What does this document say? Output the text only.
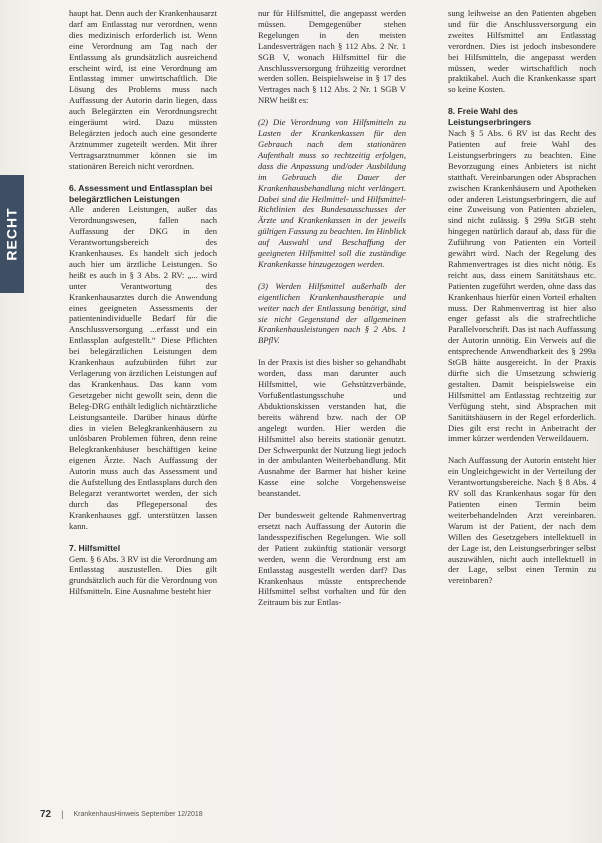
RECHT

haupt hat. Denn auch der Krankenhausarzt darf am Entlasstag nur verordnen, wenn dies medizinisch erforderlich ist. Wenn eine Verordnung am Tag nach der Entlassung als grundsätzlich ausreichend erscheint wird, ist eine Verordnung am Entlasstag immer unwirtschaftlich. Die Lösung des Problems muss nach Auffassung der Autorin darin liegen, dass auch Belegärzten ein Verordnungsrecht eingeräumt wird. Dazu müssten Belegärzten jedoch auch eine gesonderte Arztnummer zugeteilt werden. Mit ihrer Vertragsarztnummer können sie im stationären Bereich nicht verordnen.

6. Assessment und Entlassplan bei belegärztlichen Leistungen

Alle anderen Leistungen, außer das Verordnungswesen, fallen nach Auffassung der DKG in den Verantwortungsbereich des Krankenhauses. Es handelt sich jedoch auch hier um ärztliche Leistungen. So heißt es auch in § 3 Abs. 2 RV: „... wird unter Verantwortung des Krankenhausarztes durch die Anwendung eines geeigneten Assessments der patientenindividuelle Bedarf für die Anschlussversorgung ...erfasst und ein Entlassplan aufgestellt.“ Diese Pflichten bei belegärztlichen Leistungen dem Krankenhaus aufzubürden führt zur Verlagerung von ärztlichen Leistungen auf das Krankenhaus. Das kann vom Gesetzgeber nicht gewollt sein, denn die Beleg-DRG enthält lediglich nichtärztliche Leistungsanteile. Darüber hinaus dürfte dies in vielen Belegkrankenhäusern zu unlösbaren Problemen führen, denn reine Belegkrankenhäuser beschäftigen keine eigenen Ärzte. Nach Auffassung der Autorin muss auch das Assessment und die Aufstellung des Entlassplans durch den Belegarzt verantwortet werden, der sich durch das Pflegepersonal des Krankenhauses ggf. unterstützen lassen kann.

7. Hilfsmittel

Gem. § 6 Abs. 3 RV ist die Verordnung am Entlasstag auszustellen. Dies gilt grundsätzlich auch für die Verordnung von Hilfsmitteln. Eine Ausnahme besteht hier

nur für Hilfsmittel, die angepasst werden müssen. Demgegenüber stehen Regelungen in den meisten Landesverträgen nach § 112 Abs. 2 Nr. 1 SGB V, wonach Hilfsmittel für die Anschlussversorgung frühzeitig verordnet werden sollen. Beispielsweise in § 17 des Vertrages nach § 112 Abs. 2 Nr. 1 SGB V NRW heißt es:

(2) Die Verordnung von Hilfsmitteln zu Lasten der Krankenkassen für den Gebrauch nach dem stationären Aufenthalt muss so rechtzeitig erfolgen, dass die Anpassung und/oder Ausbildung im Gebrauch die Dauer der Krankenhausbehandlung nicht verlängert. Dabei sind die Heilmittel- und Hilfsmittel-Richtlinien des Bundesausschusses der Ärzte und Krankenkassen in der jeweils gültigen Fassung zu beachten. Im Hinblick auf Auswahl und Beschaffung der geeigneten Hilfsmittel soll die zuständige Krankenkasse hinzugezogen werden.

(3) Werden Hilfsmittel außerhalb der eigentlichen Krankenhaustherapie und weiter nach der Entlassung benötigt, sind sie nicht Gegenstand der allgemeinen Krankenhausleistungen nach § 2 Abs. 1 BPflV.

In der Praxis ist dies bisher so gehandhabt worden, dass man darunter auch Hilfsmittel, wie Gehstützverbände, Vorfußentlastungsschuhe und Abduktionskissen verstanden hat, die bereits während bzw. nach der OP angelegt wurden. Hier werden die Hilfsmittel also bereits stationär genutzt. Der Schwerpunkt der Nutzung liegt jedoch in der ambulanten Weiterbehandlung. Mit Ausnahme der Barmer hat bisher keine Kasse eine solche Vorgehensweise beanstandet.

Der bundesweit geltende Rahmenvertrag ersetzt nach Auffassung der Autorin die landesspezifischen Regelungen. Wie soll der Patient zukünftig stationär versorgt werden, wenn die Verordnung erst am Entlasstag ausgestellt werden darf? Das Krankenhaus müsste entsprechende Hilfsmittel selbst vorhalten und für den Zeitraum bis zur Entlas-

sung leihweise an den Patienten abgeben und für die Anschlussversorgung ein zweites Hilfsmittel am Entlasstag verordnen. Dies ist jedoch insbesondere bei Hilfsmitteln, die angepasst werden müssen, weder wirtschaftlich noch praktikabel. Auch die Krankenkasse spart so keine Kosten.

8. Freie Wahl des Leistungserbringers

Nach § 5 Abs. 6 RV ist das Recht des Patienten auf freie Wahl des Leistungserbringers zu beachten. Eine Bevorzugung eines Anbieters ist nicht statthaft. Vereinbarungen oder Absprachen zwischen Krankenhäusern und Apotheken oder anderen Leistungserbringern, die auf eine Zuweisung von Patienten abzielen, sind nicht zulässig. § 299a StGB steht hingegen natürlich darauf ab, dass für die Zuführung von Patienten ein Vorteil gewährt wird. Nach der Regelung des Rahmenvertrages ist dies nicht nötig. Es reicht aus, dass einem Sanitätshaus etc. Patienten zugeführt werden, ohne dass das Krankenhaus hierfür einen Vorteil erhalten muss. Der Rahmenvertrag ist hier also enger gefasst als die strafrechtliche Parallelvorschrift. Das ist nach Auffassung der Autorin unnötig. Ein Verweis auf die entsprechende Anwendbarkeit des § 299a StGB hätte ausgereicht. In der Praxis dürfte sich die Umsetzung schwierig gestalten. Damit beispielsweise ein Hilfsmittel am Entlasstag rechtzeitig zur Verfügung steht, sind Absprachen mit Sanitätshäusern in der Regel erforderlich. Dies gilt erst recht in Anbetracht der immer kürzer werdenden Verweildauern.

Nach Auffassung der Autorin entsteht hier ein Ungleichgewicht in der Verteilung der Verantwortungsbereiche. Nach § 8 Abs. 4 RV soll das Krankenhaus sogar für den Patienten einen Termin beim weiterbehandelnden Arzt vereinbaren. Warum ist der Patient, der nach dem Willen des Gesetzgebers intellektuell in der Lage ist, den Leistungserbringer selbst auszuwählen, nicht auch intellektuell in der Lage, selbst einen Termin zu vereinbaren?

72 | KrankenhausHinweis September 12/2018
